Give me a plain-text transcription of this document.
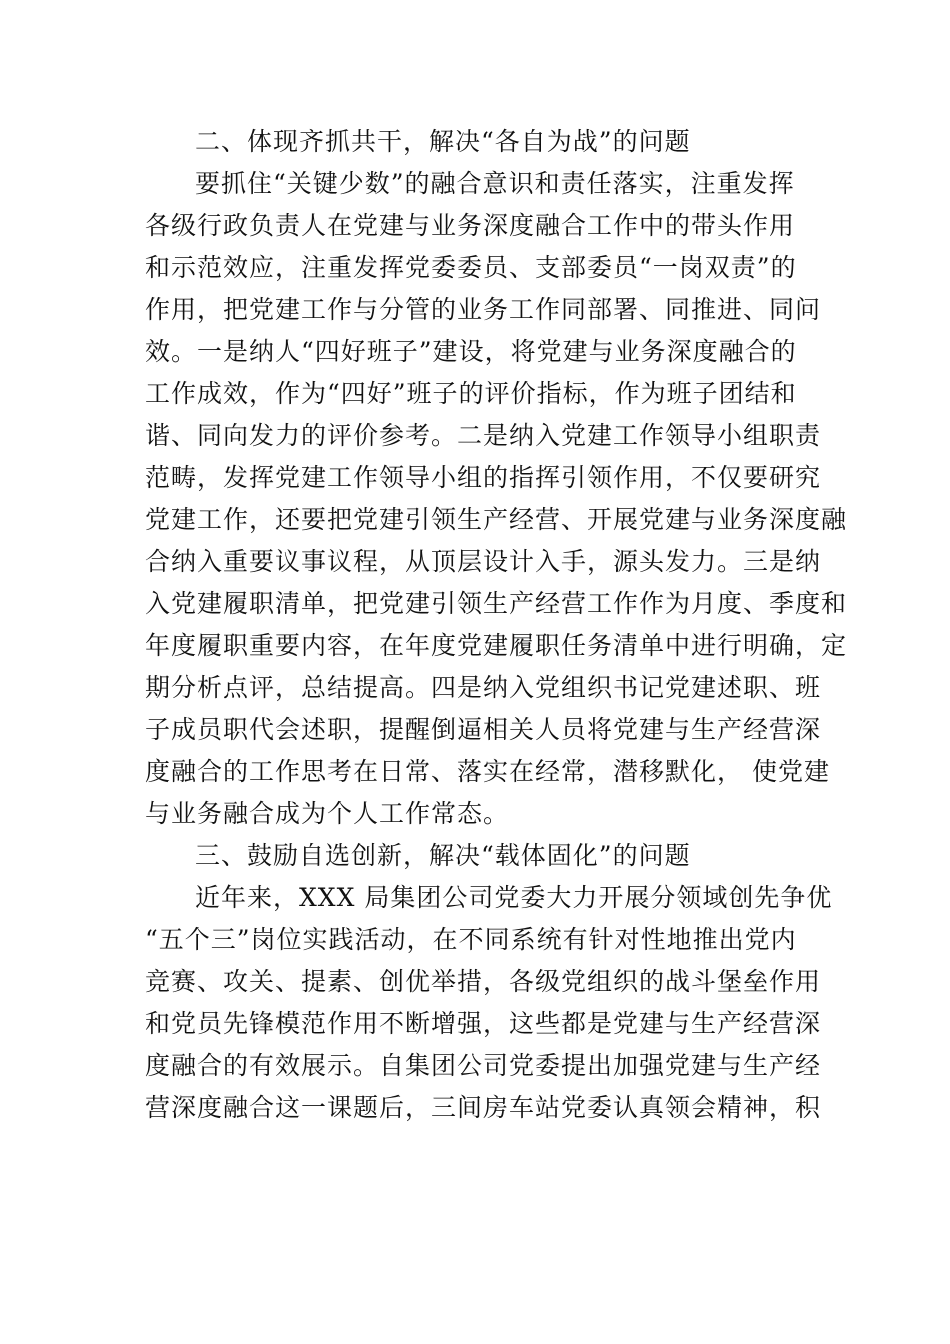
二、体现齐抓共干，解决“各自为战”的问题
要抓住“关键少数”的融合意识和责任落实，注重发挥
各级行政负责人在党建与业务深度融合工作中的带头作用
和示范效应，注重发挥党委委员、支部委员“一岗双责”的
作用，把党建工作与分管的业务工作同部署、同推进、同问
效。一是纳人“四好班子”建设，将党建与业务深度融合的
工作成效，作为“四好”班子的评价指标，作为班子团结和
谐、同向发力的评价参考。二是纳入党建工作领导小组职责
范畴，发挥党建工作领导小组的指挥引领作用，不仅要研究
党建工作，还要把党建引领生产经营、开展党建与业务深度融
合纳入重要议事议程，从顶层设计入手，源头发力。三是纳
入党建履职清单，把党建引领生产经营工作作为月度、季度和
年度履职重要内容，在年度党建履职任务清单中进行明确，定
期分析点评，总结提高。四是纳入党组织书记党建述职、班
子成员职代会述职，提醒倒逼相关人员将党建与生产经营深
度融合的工作思考在日常、落实在经常，潜移默化， 使党建
与业务融合成为个人工作常态。
三、鼓励自选创新，解决“载体固化”的问题
近年来，XXX 局集团公司党委大力开展分领域创先争优
“五个三”岗位实践活动，在不同系统有针对性地推出党内
竞赛、攻关、提素、创优举措，各级党组织的战斗堡垒作用
和党员先锋模范作用不断增强，这些都是党建与生产经营深
度融合的有效展示。自集团公司党委提出加强党建与生产经
营深度融合这一课题后，三间房车站党委认真领会精神，积
